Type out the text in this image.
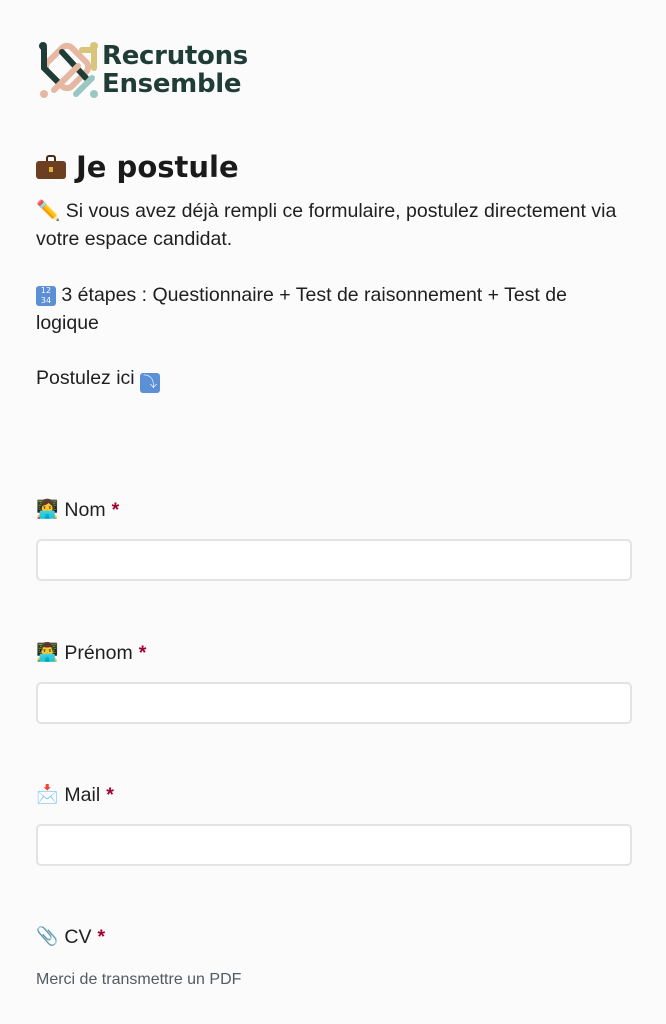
Recrutons
Ensemble
Je postule

✏️ Si vous avez déjà rempli ce formulaire, postulez directement via votre espace candidat.

12
34 3 étapes : Questionnaire + Test de raisonnement + Test de logique

Postulez ici ⤵

👩‍💻 Nom *
👨‍💻 Prénom *
📩 Mail *
📎 CV *
Merci de transmettre un PDF
